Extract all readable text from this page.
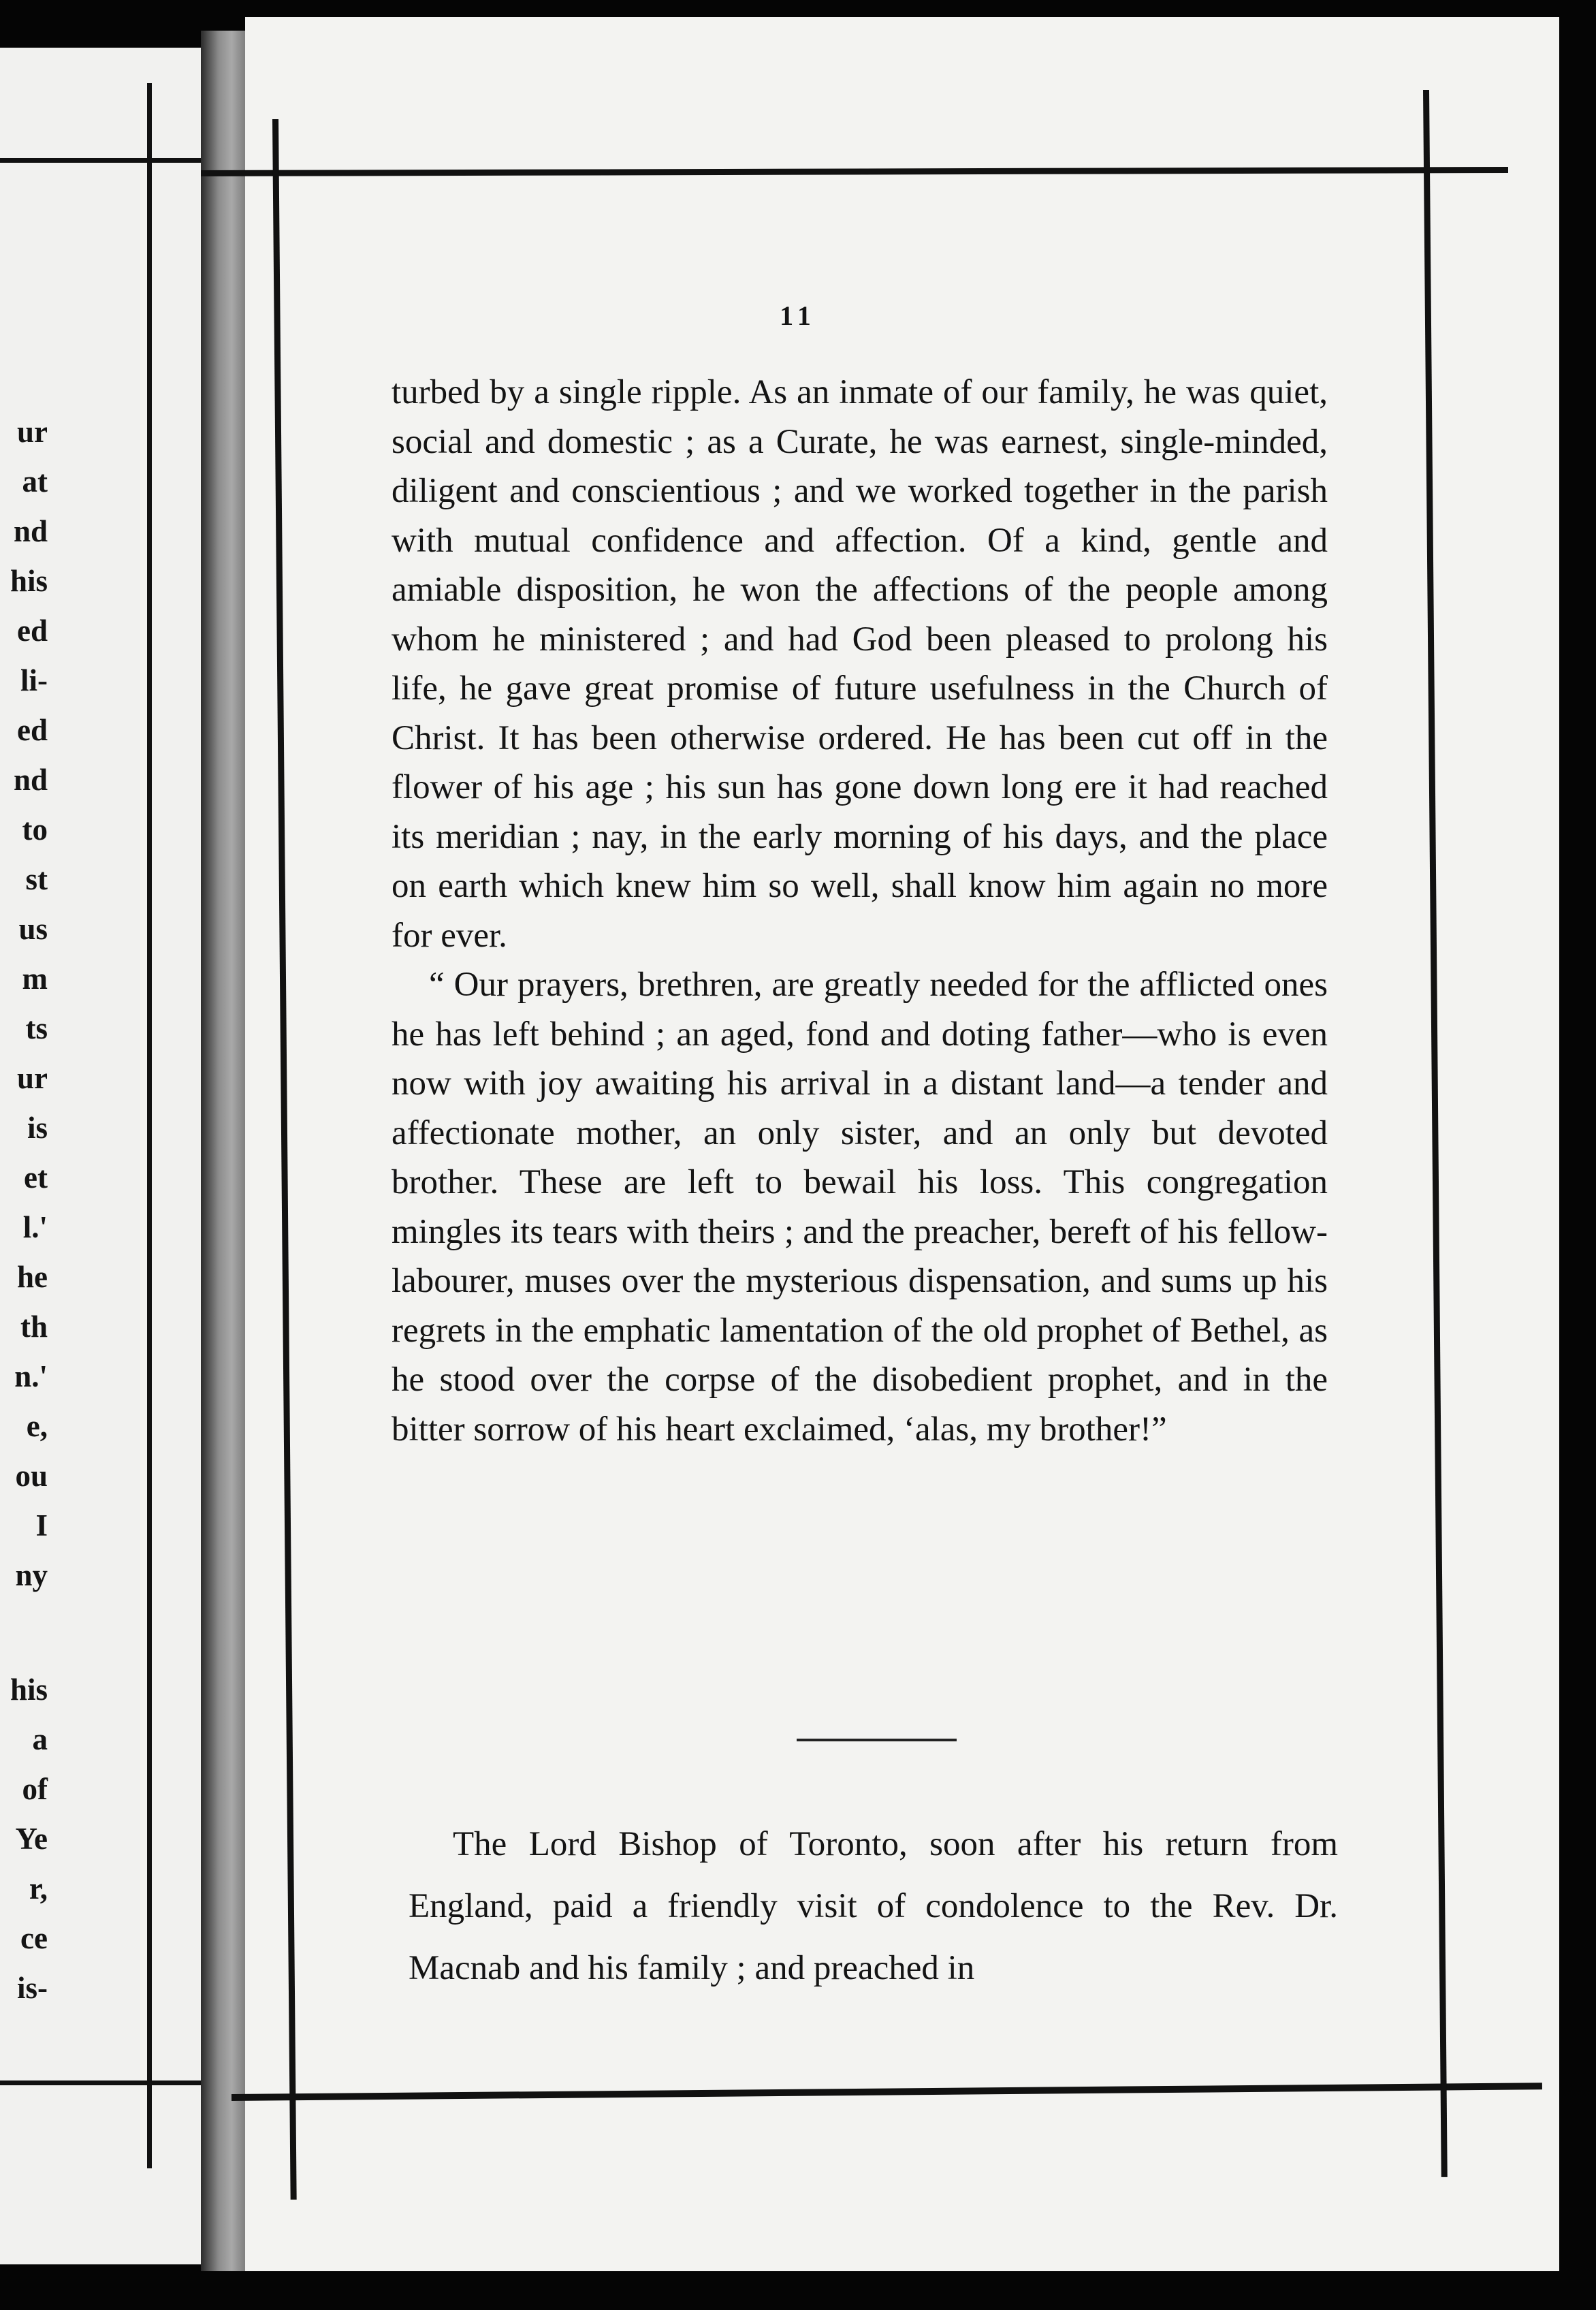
ur
at
nd
his
ed
li-
ed
nd
to
st
us
m
ts
ur
is
et
l.'
he
th
n.'
e,
ou
I
ny
his
a
of
Ye
r,
ce
is-
11

turbed by a single ripple. As an inmate of our family, he was quiet, social and domestic ; as a Curate, he was earnest, single-minded, diligent and conscientious ; and we worked together in the parish with mutual confidence and affection. Of a kind, gentle and amiable disposition, he won the affections of the people among whom he ministered ; and had God been pleased to prolong his life, he gave great promise of future usefulness in the Church of Christ. It has been otherwise ordered. He has been cut off in the flower of his age ; his sun has gone down long ere it had reached its meridian ; nay, in the early morning of his days, and the place on earth which knew him so well, shall know him again no more for ever.

“ Our prayers, brethren, are greatly needed for the afflicted ones he has left behind ; an aged, fond and doting father—who is even now with joy awaiting his arrival in a distant land—a tender and affectionate mother, an only sister, and an only but devoted brother. These are left to bewail his loss. This congregation mingles its tears with theirs ; and the preacher, bereft of his fellow-labourer, muses over the mysterious dispensation, and sums up his regrets in the emphatic lamentation of the old prophet of Bethel, as he stood over the corpse of the disobedient prophet, and in the bitter sorrow of his heart exclaimed, ‘alas, my brother!”

The Lord Bishop of Toronto, soon after his return from England, paid a friendly visit of condolence to the Rev. Dr. Macnab and his family ; and preached in
